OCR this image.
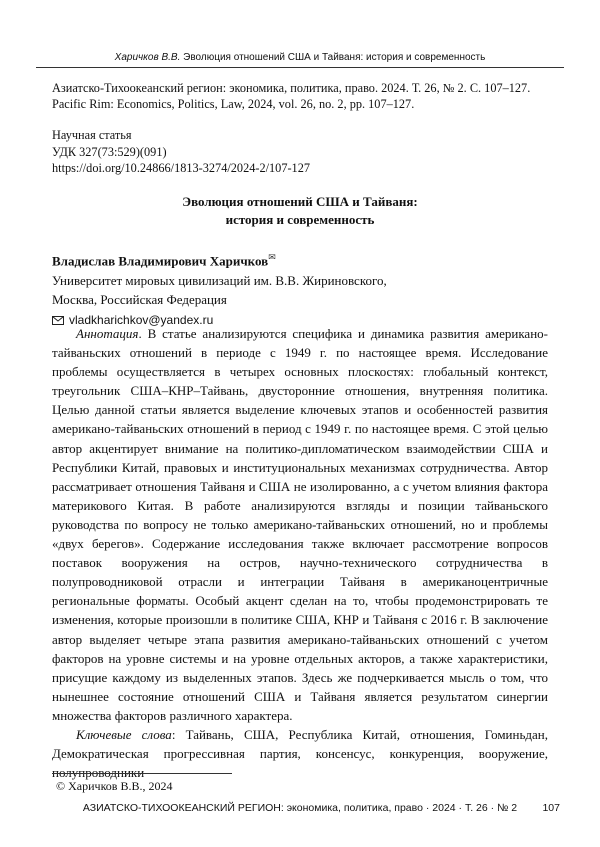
Харичков В.В. Эволюция отношений США и Тайваня: история и современность
Азиатско-Тихоокеанский регион: экономика, политика, право. 2024. Т. 26, № 2. С. 107–127.
Pacific Rim: Economics, Politics, Law, 2024, vol. 26, no. 2, pp. 107–127.
Научная статья
УДК 327(73:529)(091)
https://doi.org/10.24866/1813-3274/2024-2/107-127
Эволюция отношений США и Тайваня:
история и современность
Владислав Владимирович Харичков✉
Университет мировых цивилизаций им. В.В. Жириновского,
Москва, Российская Федерация
vladkharichkov@yandex.ru

Аннотация. В статье анализируются специфика и динамика развития американо-тайваньских отношений в периоде с 1949 г. по настоящее время. Исследование проблемы осуществляется в четырех основных плоскостях: глобальный контекст, треугольник США–КНР–Тайвань, двусторонние отношения, внутренняя политика. Целью данной статьи является выделение ключевых этапов и особенностей развития американо-тайваньских отношений в период с 1949 г. по настоящее время. С этой целью автор акцентирует внимание на политико-дипломатическом взаимодействии США и Республики Китай, правовых и институциональных механизмах сотрудничества. Автор рассматривает отношения Тайваня и США не изолированно, а с учетом влияния фактора материкового Китая. В работе анализируются взгляды и позиции тайваньского руководства по вопросу не только американо-тайваньских отношений, но и проблемы «двух берегов». Содержание исследования также включает рассмотрение вопросов поставок вооружения на остров, научно-технического сотрудничества в полупроводниковой отрасли и интеграции Тайваня в американоцентричные региональные форматы. Особый акцент сделан на то, чтобы продемонстрировать те изменения, которые произошли в политике США, КНР и Тайваня с 2016 г. В заключение автор выделяет четыре этапа развития американо-тайваньских отношений с учетом факторов на уровне системы и на уровне отдельных акторов, а также характеристики, присущие каждому из выделенных этапов. Здесь же подчеркивается мысль о том, что нынешнее состояние отношений США и Тайваня является результатом синергии множества факторов различного характера.

Ключевые слова: Тайвань, США, Республика Китай, отношения, Гоминьдан, Демократическая прогрессивная партия, консенсус, конкуренция, вооружение, полупроводники

© Харичков В.В., 2024
АЗИАТСКО-ТИХООКЕАНСКИЙ РЕГИОН: экономика, политика, право · 2024 · Т. 26 · № 2	107
